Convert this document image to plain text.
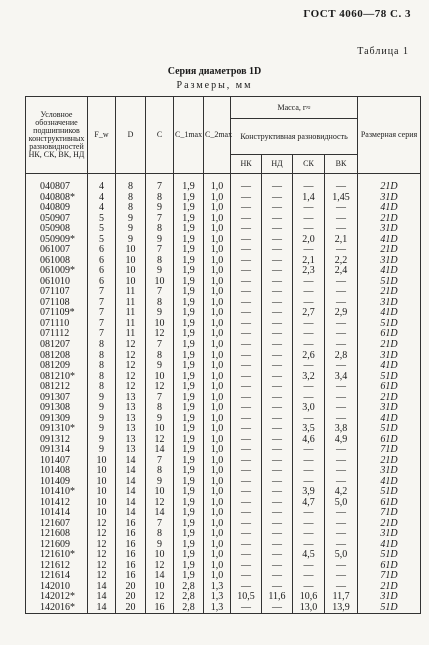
ГОСТ 4060—78 С. 3
Таблица 1
Серия диаметров 1D
Размеры, мм
Условное обозначение подшипников конструктивных разновидностей НК, СК, ВК, НД	F_w	D	C	C_1max	C_2max	Масса, г≈				Размерная серия
						Конструктивная разновидность				
						НК	НД	СК	ВК	
040807	4	8	7	1,9	1,0	—	—	—	—	21D
040808*	4	8	8	1,9	1,0	—	—	1,4	1,45	31D
040809	4	8	9	1,9	1,0	—	—	—	—	41D
050907	5	9	7	1,9	1,0	—	—	—	—	21D
050908	5	9	8	1,9	1,0	—	—	—	—	31D
050909*	5	9	9	1,9	1,0	—	—	2,0	2,1	41D
061007	6	10	7	1,9	1,0	—	—	—	—	21D
061008	6	10	8	1,9	1,0	—	—	2,1	2,2	31D
061009*	6	10	9	1,9	1,0	—	—	2,3	2,4	41D
061010	6	10	10	1,9	1,0	—	—	—	—	51D
071107	7	11	7	1,9	1,0	—	—	—	—	21D
071108	7	11	8	1,9	1,0	—	—	—	—	31D
071109*	7	11	9	1,9	1,0	—	—	2,7	2,9	41D
071110	7	11	10	1,9	1,0	—	—	—	—	51D
071112	7	11	12	1,9	1,0	—	—	—	—	61D
081207	8	12	7	1,9	1,0	—	—	—	—	21D
081208	8	12	8	1,9	1,0	—	—	2,6	2,8	31D
081209	8	12	9	1,9	1,0	—	—	—	—	41D
081210*	8	12	10	1,9	1,0	—	—	3,2	3,4	51D
081212	8	12	12	1,9	1,0	—	—	—	—	61D
091307	9	13	7	1,9	1,0	—	—	—	—	21D
091308	9	13	8	1,9	1,0	—	—	3,0	—	31D
091309	9	13	9	1,9	1,0	—	—	—	—	41D
091310*	9	13	10	1,9	1,0	—	—	3,5	3,8	51D
091312	9	13	12	1,9	1,0	—	—	4,6	4,9	61D
091314	9	13	14	1,9	1,0	—	—	—	—	71D
101407	10	14	7	1,9	1,0	—	—	—	—	21D
101408	10	14	8	1,9	1,0	—	—	—	—	31D
101409	10	14	9	1,9	1,0	—	—	—	—	41D
101410*	10	14	10	1,9	1,0	—	—	3,9	4,2	51D
101412	10	14	12	1,9	1,0	—	—	4,7	5,0	61D
101414	10	14	14	1,9	1,0	—	—	—	—	71D
121607	12	16	7	1,9	1,0	—	—	—	—	21D
121608	12	16	8	1,9	1,0	—	—	—	—	31D
121609	12	16	9	1,9	1,0	—	—	—	—	41D
121610*	12	16	10	1,9	1,0	—	—	4,5	5,0	51D
121612	12	16	12	1,9	1,0	—	—	—	—	61D
121614	12	16	14	1,9	1,0	—	—	—	—	71D
142010	14	20	10	2,8	1,3	—	—	—	—	21D
142012*	14	20	12	2,8	1,3	10,5	11,6	10,6	11,7	31D
142016*	14	20	16	2,8	1,3	—	—	13,0	13,9	51D
